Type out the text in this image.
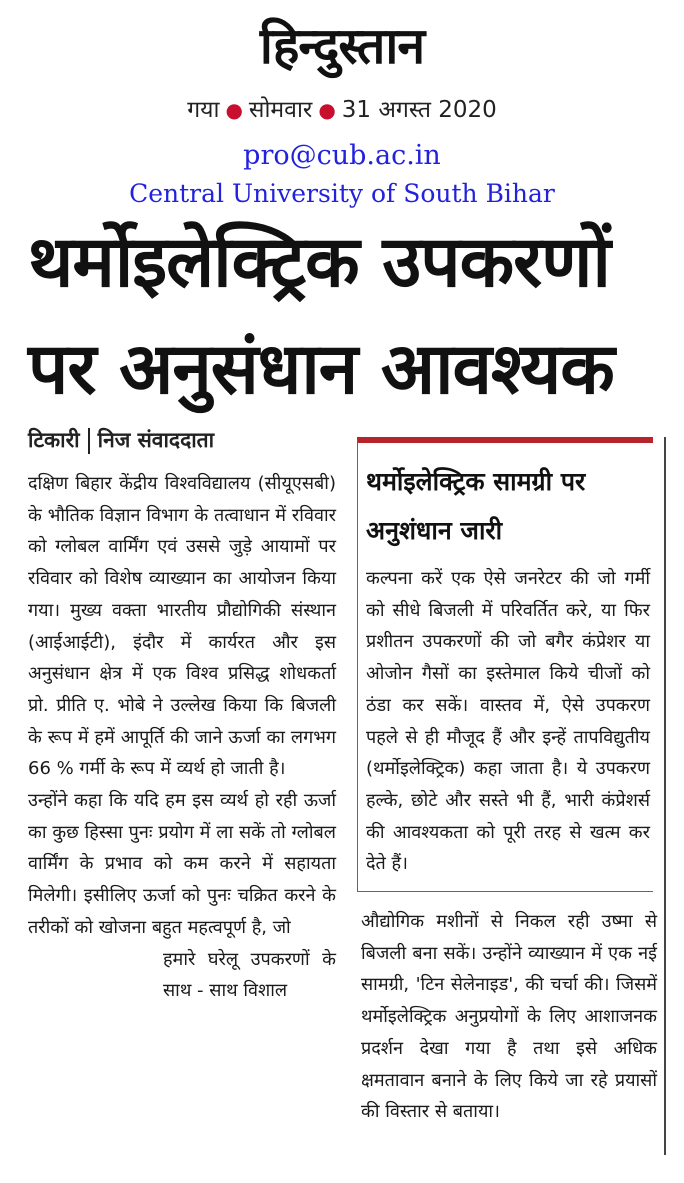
हिन्दुस्तान
गया ● सोमवार ● 31 अगस्त 2020
pro@cub.ac.in
Central University of South Bihar
थर्मोइलेक्ट्रिक उपकरणों
पर अनुसंधान आवश्यक
टिकारी निज संवाददाता

दक्षिण बिहार केंद्रीय विश्वविद्यालय (सीयूएसबी) के भौतिक विज्ञान विभाग के तत्वाधान में रविवार को ग्लोबल वार्मिंग एवं उससे जुड़े आयामों पर रविवार को विशेष व्याख्यान का आयोजन किया गया। मुख्य वक्ता भारतीय प्रौद्योगिकी संस्थान (आईआईटी), इंदौर में कार्यरत और इस अनुसंधान क्षेत्र में एक विश्व प्रसिद्ध शोधकर्ता प्रो. प्रीति ए. भोबे ने उल्लेख किया कि बिजली के रूप में हमें आपूर्ति की जाने ऊर्जा का लगभग 66 % गर्मी के रूप में व्यर्थ हो जाती है।

उन्होंने कहा कि यदि हम इस व्यर्थ हो रही ऊर्जा का कुछ हिस्सा पुनः प्रयोग में ला सकें तो ग्लोबल वार्मिंग के प्रभाव को कम करने में सहायता मिलेगी। इसीलिए ऊर्जा को पुनः चक्रित करने के तरीकों को खोजना बहुत महत्वपूर्ण है, जो

हमारे घरेलू उपकरणों के साथ - साथ विशाल

थर्मोइलेक्ट्रिक सामग्री पर अनुशंधान जारी
कल्पना करें एक ऐसे जनरेटर की जो गर्मी को सीधे बिजली में परिवर्तित करे, या फिर प्रशीतन उपकरणों की जो बगैर कंप्रेशर या ओजोन गैसों का इस्तेमाल किये चीजों को ठंडा कर सकें। वास्तव में, ऐसे उपकरण पहले से ही मौजूद हैं और इन्हें तापविद्युतीय (थर्मोइलेक्ट्रिक) कहा जाता है। ये उपकरण हल्के, छोटे और सस्ते भी हैं, भारी कंप्रेशर्स की आवश्यकता को पूरी तरह से खत्म कर देते हैं।
औद्योगिक मशीनों से निकल रही उष्मा से बिजली बना सकें। उन्होंने व्याख्यान में एक नई सामग्री, 'टिन सेलेनाइड', की चर्चा की। जिसमें थर्मोइलेक्ट्रिक अनुप्रयोगों के लिए आशाजनक प्रदर्शन देखा गया है तथा इसे अधिक क्षमतावान बनाने के लिए किये जा रहे प्रयासों की विस्तार से बताया।
